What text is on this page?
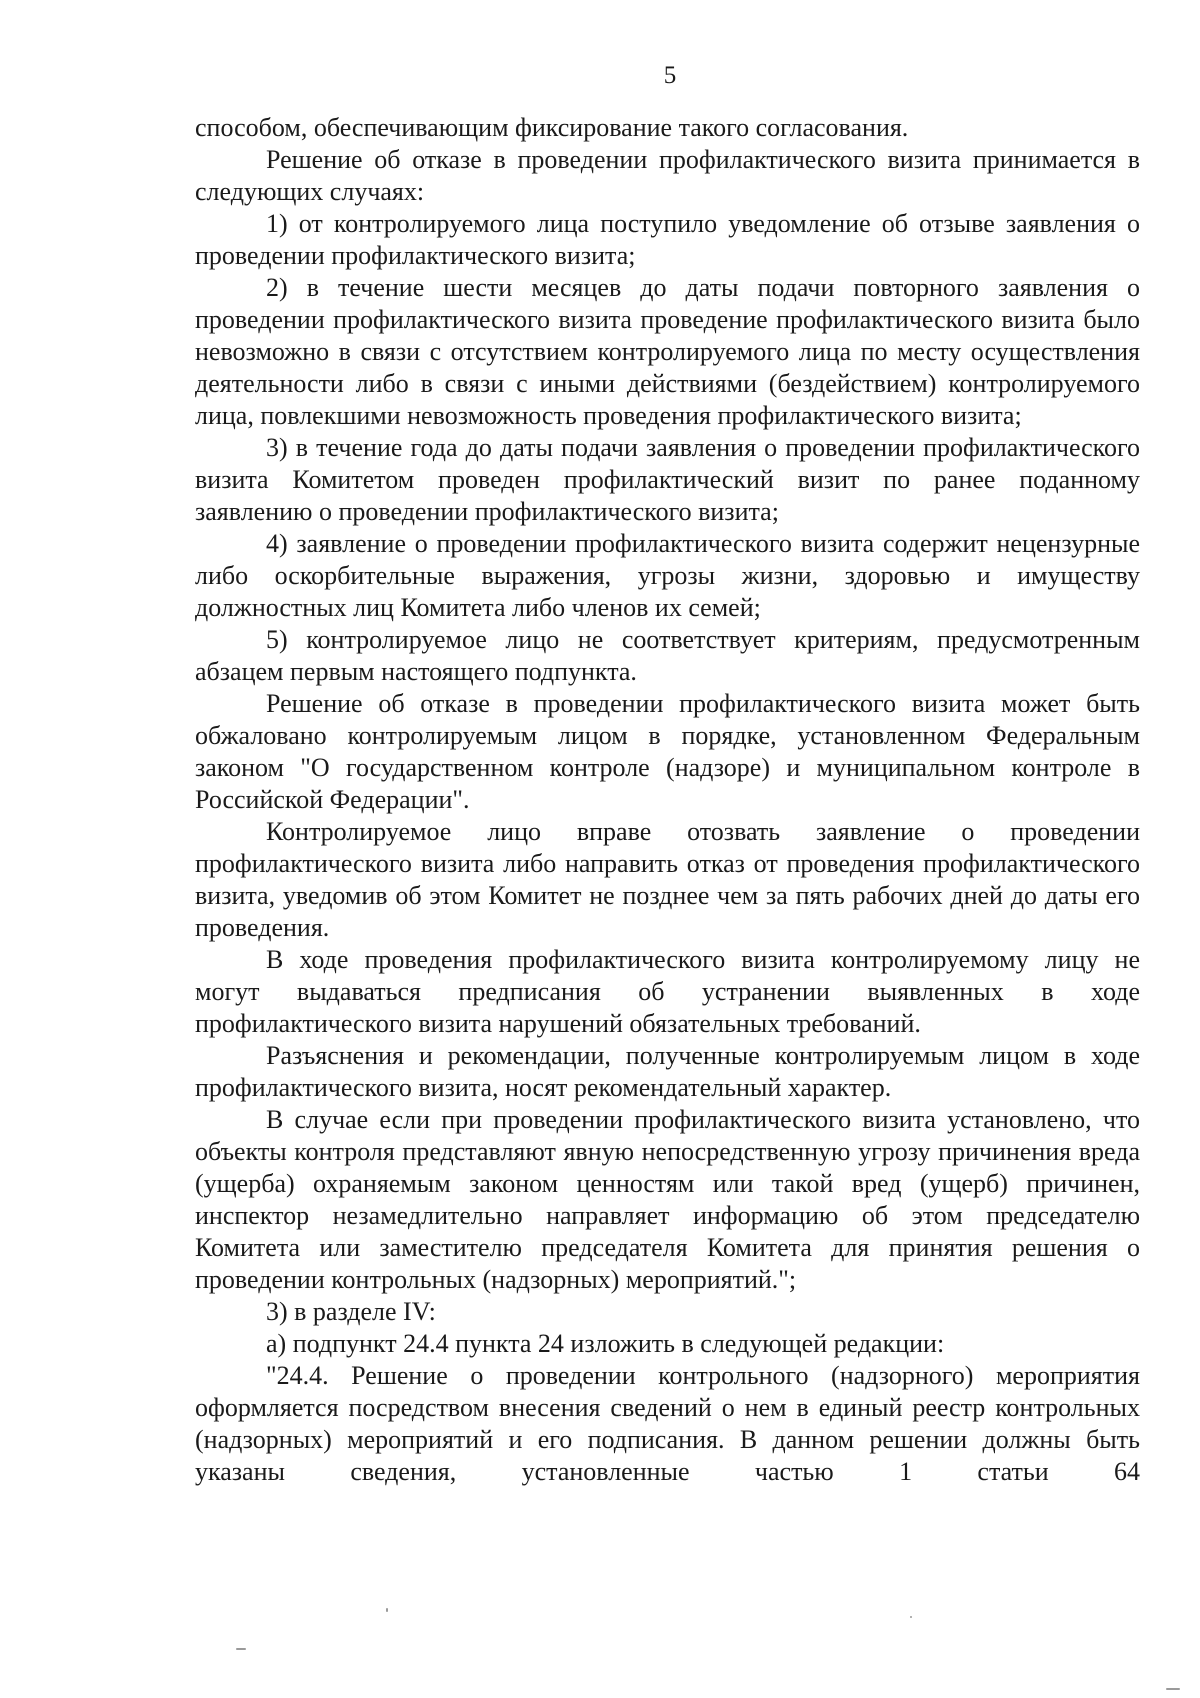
5

способом, обеспечивающим фиксирование такого согласования.

Решение об отказе в проведении профилактического визита принимается в следующих случаях:

1) от контролируемого лица поступило уведомление об отзыве заявления о проведении профилактического визита;

2) в течение шести месяцев до даты подачи повторного заявления о проведении профилактического визита проведение профилактического визита было невозможно в связи с отсутствием контролируемого лица по месту осуществления деятельности либо в связи с иными действиями (бездействием) контролируемого лица, повлекшими невозможность проведения профилактического визита;

3) в течение года до даты подачи заявления о проведении профилактического визита Комитетом проведен профилактический визит по ранее поданному заявлению о проведении профилактического визита;

4) заявление о проведении профилактического визита содержит нецензурные либо оскорбительные выражения, угрозы жизни, здоровью и имуществу должностных лиц Комитета либо членов их семей;

5) контролируемое лицо не соответствует критериям, предусмотренным абзацем первым настоящего подпункта.

Решение об отказе в проведении профилактического визита может быть обжаловано контролируемым лицом в порядке, установленном Федеральным законом "О государственном контроле (надзоре) и муниципальном контроле в Российской Федерации".

Контролируемое лицо вправе отозвать заявление о проведении профилактического визита либо направить отказ от проведения профилактического визита, уведомив об этом Комитет не позднее чем за пять рабочих дней до даты его проведения.

В ходе проведения профилактического визита контролируемому лицу не могут выдаваться предписания об устранении выявленных в ходе профилактического визита нарушений обязательных требований.

Разъяснения и рекомендации, полученные контролируемым лицом в ходе профилактического визита, носят рекомендательный характер.

В случае если при проведении профилактического визита установлено, что объекты контроля представляют явную непосредственную угрозу причинения вреда (ущерба) охраняемым законом ценностям или такой вред (ущерб) причинен, инспектор незамедлительно направляет информацию об этом председателю Комитета или заместителю председателя Комитета для принятия решения о проведении контрольных (надзорных) мероприятий.";

3) в разделе IV:

а) подпункт 24.4 пункта 24 изложить в следующей редакции:

"24.4. Решение о проведении контрольного (надзорного) мероприятия оформляется посредством внесения сведений о нем в единый реестр контрольных (надзорных) мероприятий и его подписания. В данном решении должны быть указаны сведения, установленные частью 1 статьи 64
